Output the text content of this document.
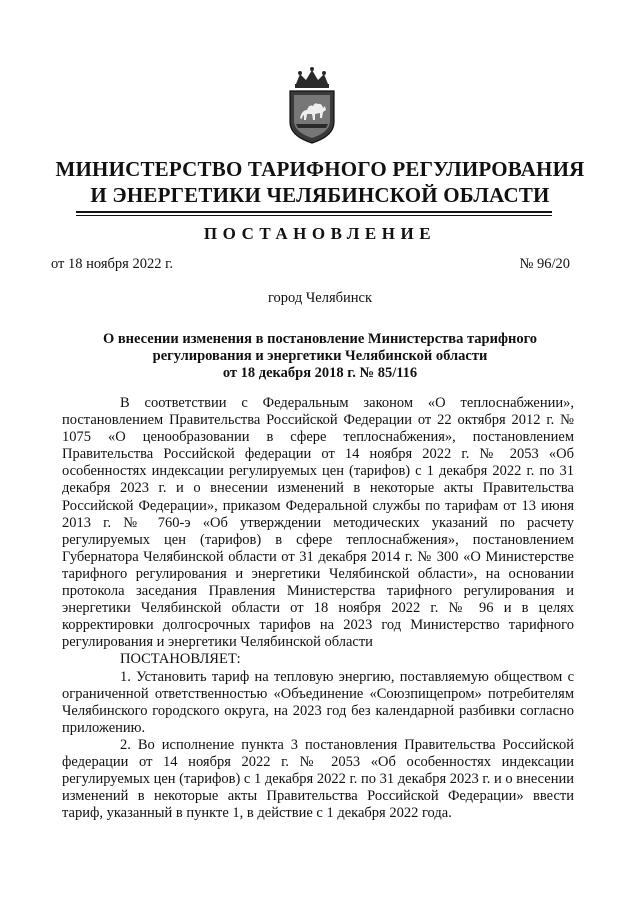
МИНИСТЕРСТВО ТАРИФНОГО РЕГУЛИРОВАНИЯ
И ЭНЕРГЕТИКИ ЧЕЛЯБИНСКОЙ ОБЛАСТИ
ПОСТАНОВЛЕНИЕ
от 18 ноября 2022 г.	№ 96/20
город Челябинск
О внесении изменения в постановление Министерства тарифного
регулирования и энергетики Челябинской области
от 18 декабря 2018 г. № 85/116

В соответствии с Федеральным законом «О теплоснабжении», постановлением Правительства Российской Федерации от 22 октября 2012 г. № 1075 «О ценообразовании в сфере теплоснабжения», постановлением Правительства Российской федерации от 14 ноября 2022 г. № 2053 «Об особенностях индексации регулируемых цен (тарифов) с 1 декабря 2022 г. по 31 декабря 2023 г. и о внесении изменений в некоторые акты Правительства Российской Федерации», приказом Федеральной службы по тарифам от 13 июня 2013 г. № 760-э «Об утверждении методических указаний по расчету регулируемых цен (тарифов) в сфере теплоснабжения», постановлением Губернатора Челябинской области от 31 декабря 2014 г. № 300 «О Министерстве тарифного регулирования и энергетики Челябинской области», на основании протокола заседания Правления Министерства тарифного регулирования и энергетики Челябинской области от 18 ноября 2022 г. № 96 и в целях корректировки долгосрочных тарифов на 2023 год Министерство тарифного регулирования и энергетики Челябинской области

ПОСТАНОВЛЯЕТ:

1. Установить тариф на тепловую энергию, поставляемую обществом с ограниченной ответственностью «Объединение «Союзпищепром» потребителям Челябинского городского округа, на 2023 год без календарной разбивки согласно приложению.

2. Во исполнение пункта 3 постановления Правительства Российской федерации от 14 ноября 2022 г. № 2053 «Об особенностях индексации регулируемых цен (тарифов) с 1 декабря 2022 г. по 31 декабря 2023 г. и о внесении изменений в некоторые акты Правительства Российской Федерации» ввести тариф, указанный в пункте 1, в действие с 1 декабря 2022 года.
